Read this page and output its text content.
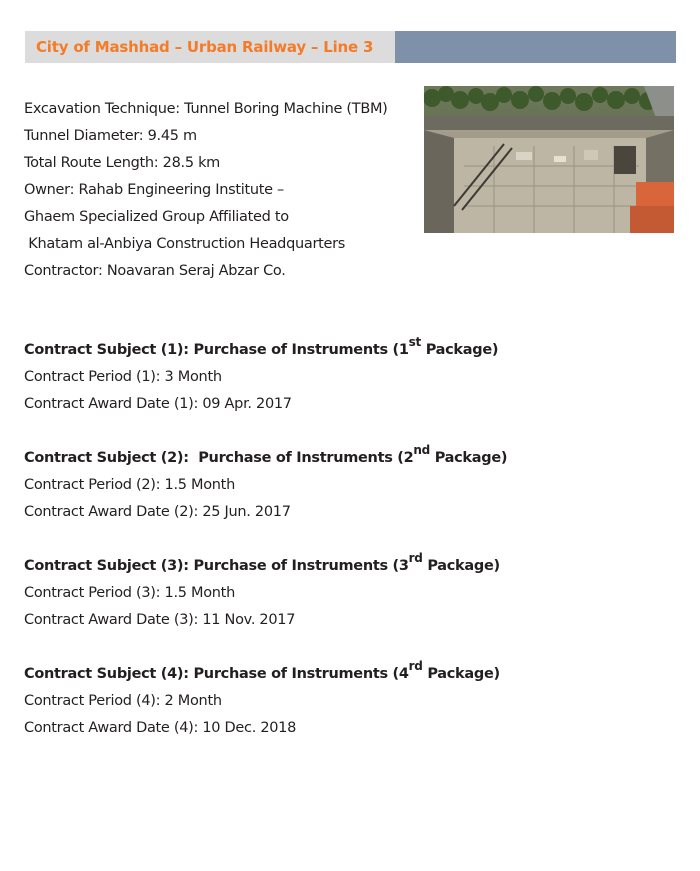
City of Mashhad – Urban Railway – Line 3
Excavation Technique: Tunnel Boring Machine (TBM)
Tunnel Diameter: 9.45 m
Total Route Length: 28.5 km
Owner: Rahab Engineering Institute –
Ghaem Specialized Group Affiliated to
Khatam al-Anbiya Construction Headquarters
Contractor: Noavaran Seraj Abzar Co.
Contract Subject (1): Purchase of Instruments (1st Package)
Contract Period (1): 3 Month
Contract Award Date (1): 09 Apr. 2017
Contract Subject (2):  Purchase of Instruments (2nd Package)
Contract Period (2): 1.5 Month
Contract Award Date (2): 25 Jun. 2017
Contract Subject (3): Purchase of Instruments (3rd Package)
Contract Period (3): 1.5 Month
Contract Award Date (3): 11 Nov. 2017
Contract Subject (4): Purchase of Instruments (4rd Package)
Contract Period (4): 2 Month
Contract Award Date (4): 10 Dec. 2018
